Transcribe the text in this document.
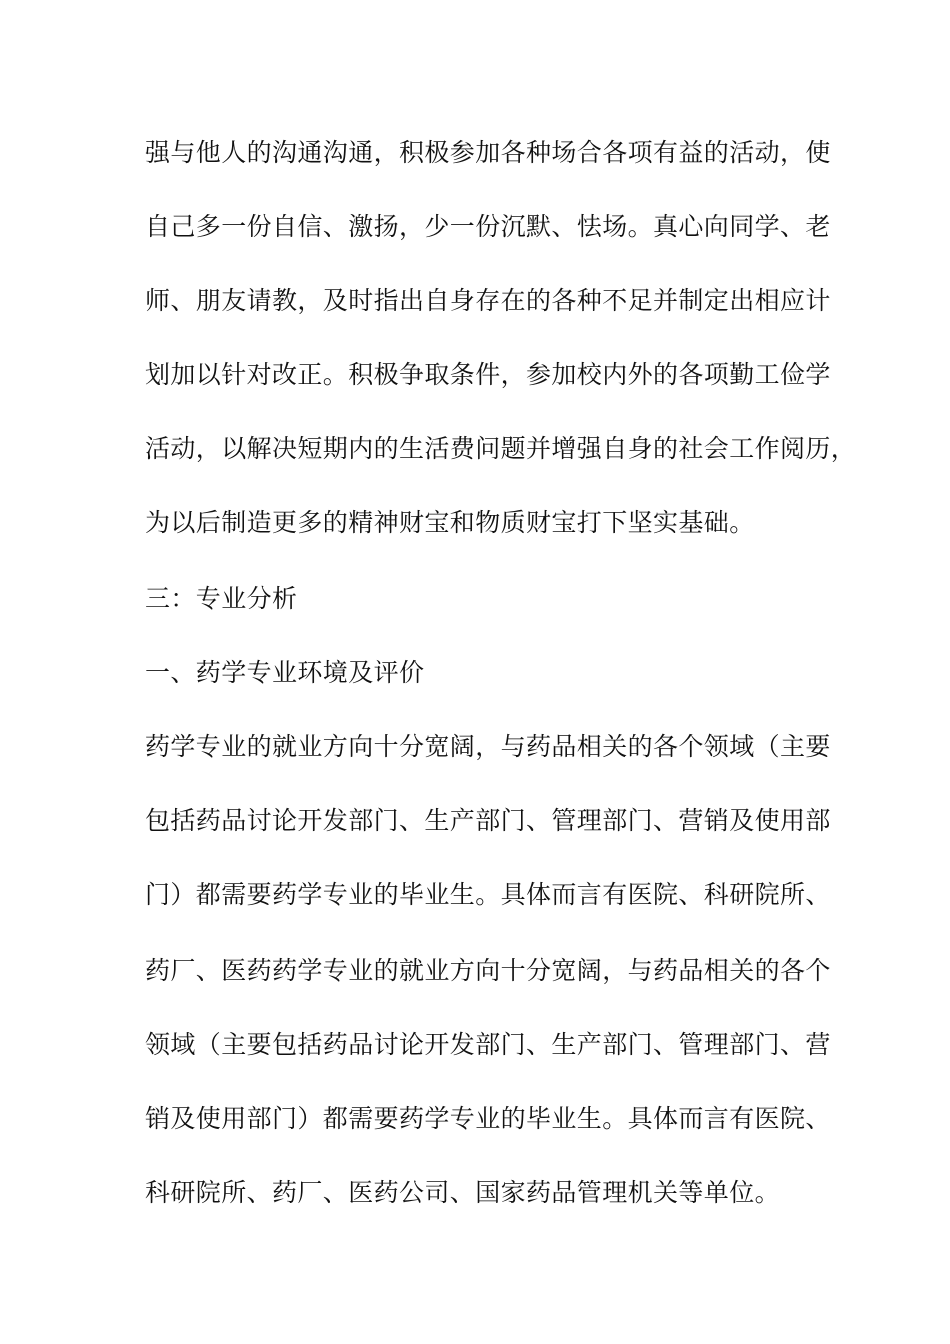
强与他人的沟通沟通，积极参加各种场合各项有益的活动，使
自己多一份自信、激扬，少一份沉默、怯场。真心向同学、老
师、朋友请教，及时指出自身存在的各种不足并制定出相应计
划加以针对改正。积极争取条件，参加校内外的各项勤工俭学
活动，以解决短期内的生活费问题并增强自身的社会工作阅历，
为以后制造更多的精神财宝和物质财宝打下坚实基础。
三：专业分析
一、药学专业环境及评价
药学专业的就业方向十分宽阔，与药品相关的各个领域（主要
包括药品讨论开发部门、生产部门、管理部门、营销及使用部
门）都需要药学专业的毕业生。具体而言有医院、科研院所、
药厂、医药药学专业的就业方向十分宽阔，与药品相关的各个
领域（主要包括药品讨论开发部门、生产部门、管理部门、营
销及使用部门）都需要药学专业的毕业生。具体而言有医院、
科研院所、药厂、医药公司、国家药品管理机关等单位。
